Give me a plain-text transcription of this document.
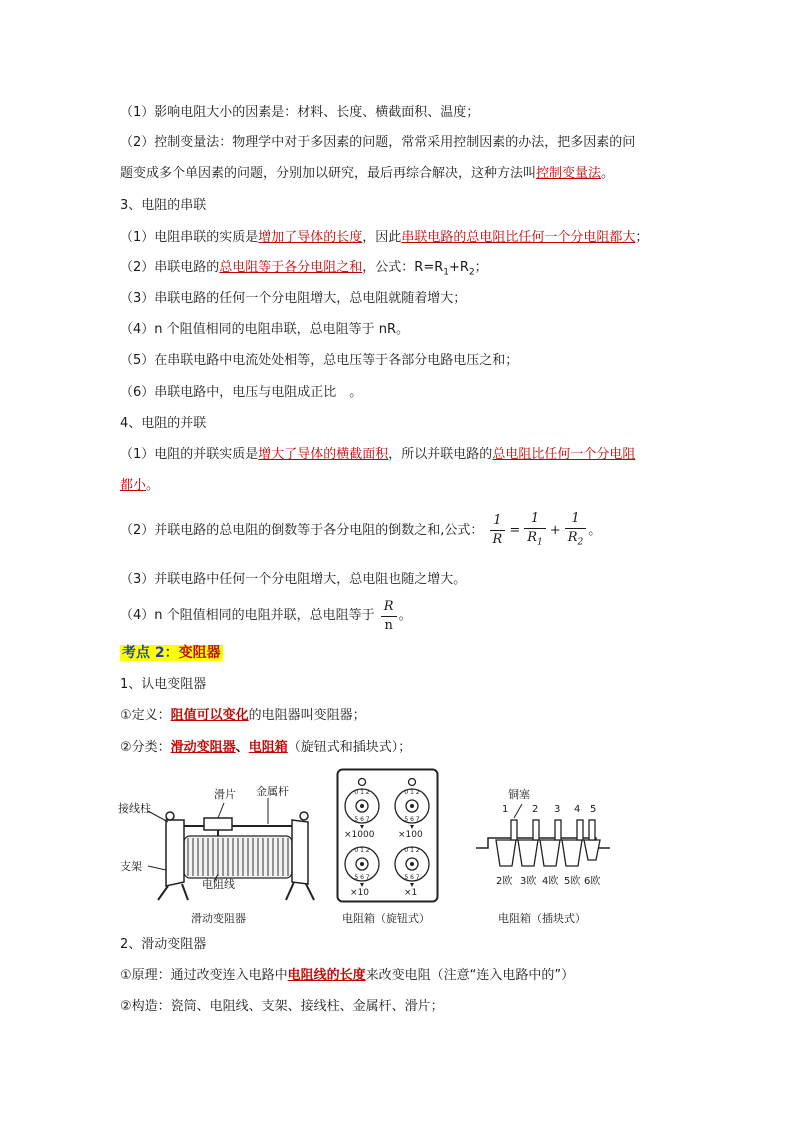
（1）影响电阻大小的因素是：材料、长度、横截面积、温度；
（2）控制变量法：物理学中对于多因素的问题，常常采用控制因素的办法，把多因素的问
题变成多个单因素的问题，分别加以研究，最后再综合解决，这种方法叫控制变量法。
3、电阻的串联
（1）电阻串联的实质是增加了导体的长度，因此串联电路的总电阻比任何一个分电阻都大；
（2）串联电路的总电阻等于各分电阻之和，公式：$R=R_1+R_2$；
（3）串联电路的任何一个分电阻增大，总电阻就随着增大；
（4）n 个阻值相同的电阻串联，总电阻等于 nR。
（5）在串联电路中电流处处相等，总电压等于各部分电路电压之和；
（6）串联电路中，电压与电阻成正比　。
4、电阻的并联
（1）电阻的并联实质是增大了导体的横截面积，所以并联电路的总电阻比任何一个分电阻
都小。
（2）并联电路的总电阻的倒数等于各分电阻的倒数之和,公式： $\frac{1}{R} = \frac{1}{R_1} + \frac{1}{R_2}$ 。
（3）并联电路中任何一个分电阻增大，总电阻也随之增大。
（4）n 个阻值相同的电阻并联，总电阻等于 $\frac{R}{n}$ 。
考点 2：变阻器
1、认电变阻器
①定义：阻值可以变化的电阻器叫变阻器；
②分类：滑动变阻器、电阻箱（旋钮式和插块式）；
滑片 金属杆
接线柱
支架
电阻线
滑动变阻器
0 1 2	0 1 2
0 1 2	0 1 2
5 6 7	5 6 7
5 6 7	5 6 7
×1000	×100
×10	×1
电阻箱（旋钮式）
铜塞
1 2 3 4 5
2欧 3欧 4欧 5欧 6欧
电阻箱（插块式）
2、滑动变阻器
①原理：通过改变连入电路中电阻线的长度来改变电阻（注意“连入电路中的”）
②构造：瓷筒、电阻线、支架、接线柱、金属杆、滑片；
